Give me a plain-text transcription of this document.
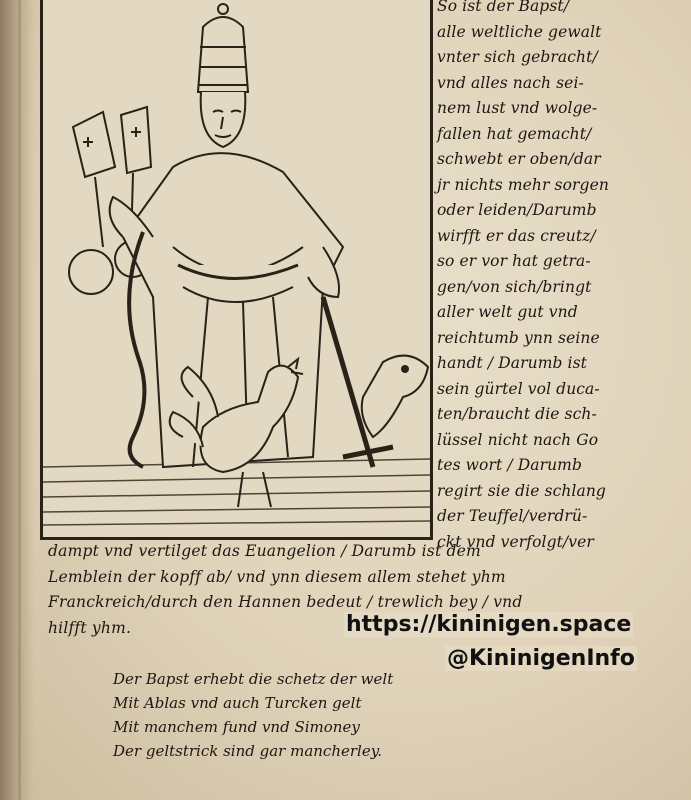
So ist der Bapst/
alle weltliche gewalt
vnter sich gebracht/
vnd alles nach sei-
nem lust vnd wolge-
fallen hat gemacht/
schwebt er oben/dar
jr nichts mehr sorgen
oder leiden/Darumb
wirfft er das creutz/
so er vor hat getra-
gen/von sich/bringt
aller welt gut vnd
reichtumb ynn seine
handt / Darumb ist
sein gürtel vol duca-
ten/braucht die sch-
lüssel nicht nach Go
tes wort / Darumb
regirt sie die schlang
der Teuffel/verdrü-
ckt vnd verfolgt/ver
dampt vnd vertilget das Euangelion / Darumb ist dem
Lemblein der kopff ab/ vnd ynn diesem allem stehet yhm
Franckreich/durch den Hannen bedeut / trewlich bey / vnd
hilfft yhm.
Der Bapst erhebt die schetz der welt
Mit Ablas vnd auch Turcken gelt
Mit manchem fund vnd Simoney
Der geltstrick sind gar mancherley.
https://kininigen.space
@KininigenInfo
